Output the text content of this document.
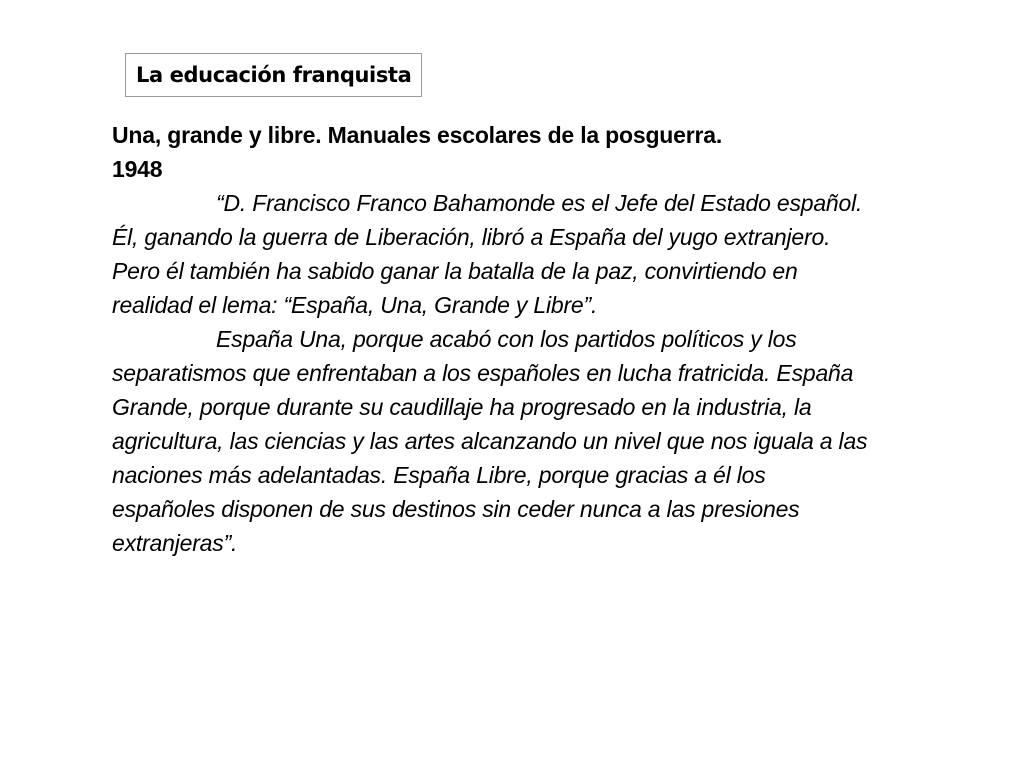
La educación franquista

Una, grande y libre. Manuales escolares de la posguerra. 1948

“D. Francisco Franco Bahamonde es el Jefe del Estado español. Él, ganando la guerra de Liberación, libró a España del yugo extranjero. Pero él también ha sabido ganar la batalla de la paz, convirtiendo en realidad el lema: “España, Una, Grande y Libre”.

España Una, porque acabó con los partidos políticos y los separatismos que enfrentaban a los españoles en lucha fratricida. España Grande, porque durante su caudillaje ha progresado en la industria, la agricultura, las ciencias y las artes alcanzando un nivel que nos iguala a las naciones más adelantadas. España Libre, porque gracias a él los españoles disponen de sus destinos sin ceder nunca a las presiones extranjeras”.
